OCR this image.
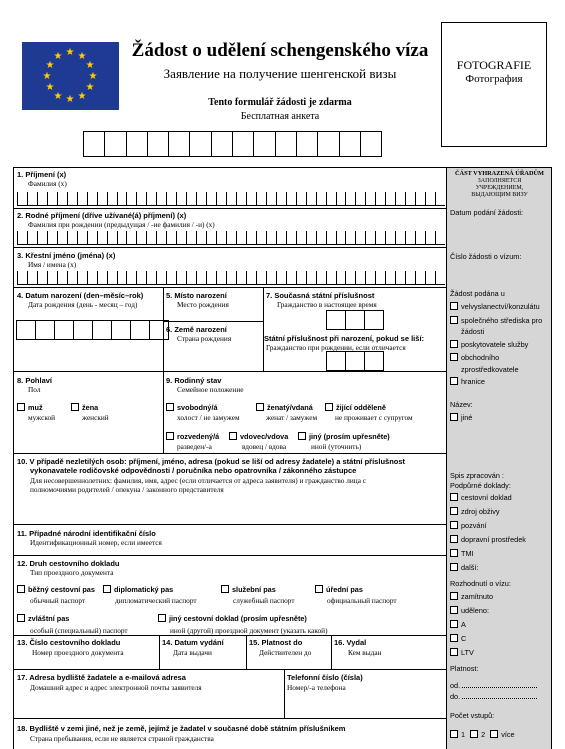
★ ★
★
★
★
★
★
★
★
★
★
★	Žádost o udělení schengenského víza
Заявление на получение шенгенской визы
Tento formulář žádosti je zdarma
Бесплатная анкета
FOTOGRAFIE
Фотография
1. Příjmení (x)
Фамилия (x)
2. Rodné příjmení (dříve užívané(á) příjmení) (x)
Фамилия при рождении (предыдущая / -ие фамилия / -и) (x)
3. Křestní jméno (jména) (x)
Имя / имена (x)
4. Datum narození (den–měsíc–rok)
Дата рождения (день - месяц – год)
5. Místo narození
Место рождения
6. Země narození
Страна рождения
7. Současná státní příslušnost
Гражданство в настоящее время
Státní příslušnost při narození, pokud se liší:
Гражданство при рождении, если отличается
8. Pohlaví
Пол
muž
мужской
žena
женский
9. Rodinný stav
Семейное положение
svobodný/á
холост / не замужем
ženatý/vdaná
женат / замужем
žijící odděleně
не проживает с супругом
rozvedený/á
разведен/-а
vdovec/vdova
вдовец / вдова
jiný (prosím upřesněte)
иной (уточнить)
10. V případě nezletilých osob: příjmení, jméno, adresa (pokud se liší od adresy žadatele) a státní příslušnost
vykonavatele rodičovské odpovědnosti / poručníka nebo opatrovníka / zákonného zástupce
Для несовершеннолетних: фамилия, имя, адрес (если отличается от адреса заявителя) и гражданство лица с
полномочиями родителей / опекуна / законного представителя
11. Případné národní identifikační číslo
Идентификационный номер, если имеется
12. Druh cestovního dokladu
Тип проездного документа
běžný cestovní pas
обычный паспорт
diplomatický pas
дипломатический паспорт
služební pas
служебный паспорт
úřední pas
официальный паспорт
zvláštní pas
особый (специальный) паспорт
jiný cestovní doklad (prosím upřesněte)
иной (другой) проездной документ (указать какой)
13. Číslo cestovního dokladu
Номер проездного документа
14. Datum vydání
Дата выдачи
15. Platnost do
Действителен до
16. Vydal
Кем выдан
17. Adresa bydliště žadatele a e-mailová adresa
Домашний адрес и адрес электронной почты заявителя
Telefonní číslo (čísla)
Номер/-а телефона
18. Bydliště v zemi jiné, než je země, jejímž je žadatel v současné době státním příslušníkem
Страна пребывания, если не является страной гражданства
ČÁST VYHRAZENÁ ÚŘADŮM
ЗАПОЛНЯЕТСЯ
УЧРЕЖДЕНИЕМ,
ВЫДАЮЩИМ ВИЗУ
Datum podání žádosti:
Číslo žádosti o vízum:
Žádost podána u
velvyslanectví/konzulátu
společného střediska pro
žádosti
poskytovatele služby
obchodního
zprostředkovatele
hranice
Název:
jiné
Spis zpracován :
Podpůrné doklady:
cestovní doklad
zdroj obživy
pozvání
dopravní prostředek
TMI
další:
Rozhodnutí o vízu:
zamítnuto
uděleno:
A
C
LTV
Platnost:
od.
do.
Počet vstupů:
1 2 více
